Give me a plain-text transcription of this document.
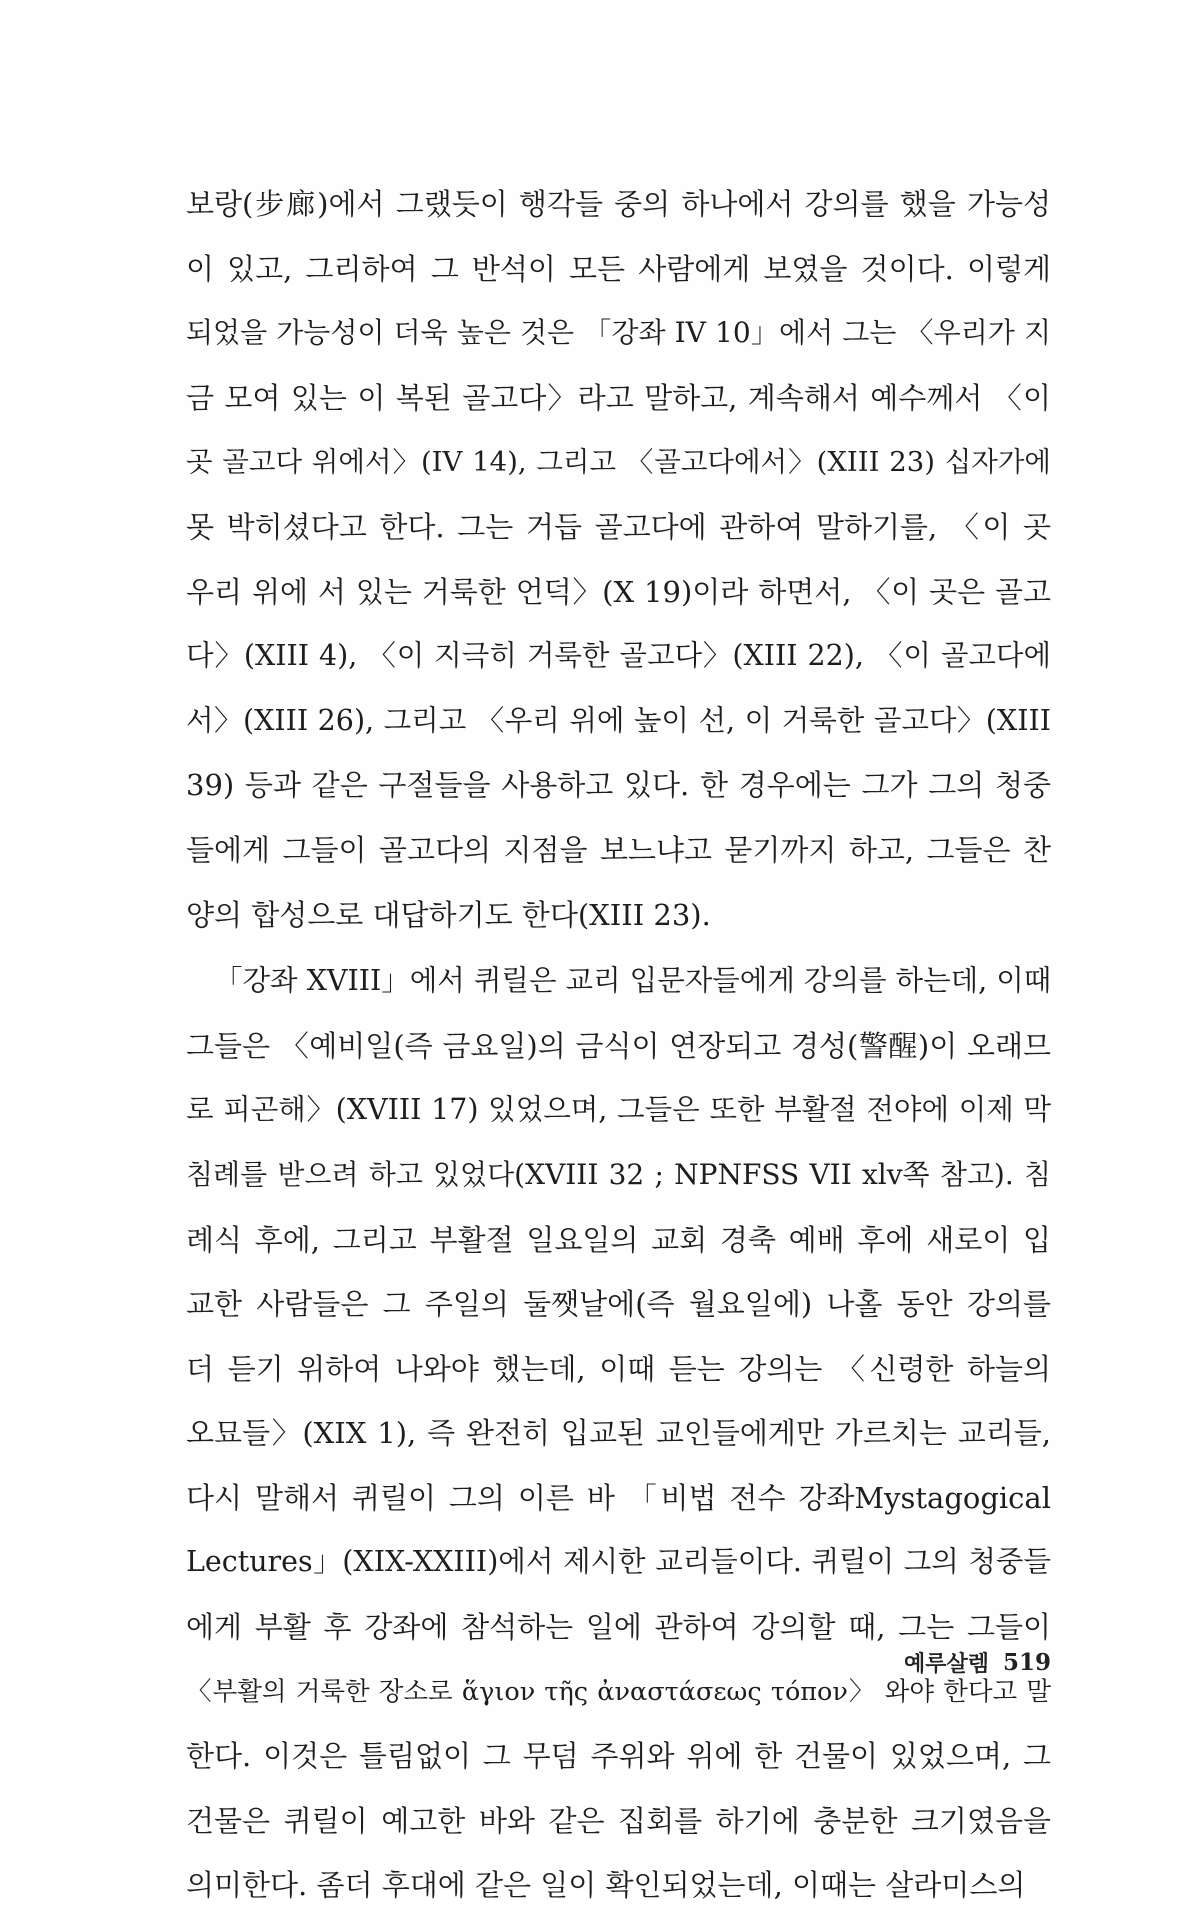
보랑(步廊)에서 그랬듯이 행각들 중의 하나에서 강의를 했을 가능성
이 있고, 그리하여 그 반석이 모든 사람에게 보였을 것이다. 이렇게
되었을 가능성이 더욱 높은 것은 「강좌 IV 10」에서 그는 〈우리가 지
금 모여 있는 이 복된 골고다〉라고 말하고, 계속해서 예수께서 〈이
곳 골고다 위에서〉(IV 14), 그리고 〈골고다에서〉(XIII 23) 십자가에
못 박히셨다고 한다. 그는 거듭 골고다에 관하여 말하기를, 〈이 곳
우리 위에 서 있는 거룩한 언덕〉(X 19)이라 하면서, 〈이 곳은 골고
다〉(XIII 4), 〈이 지극히 거룩한 골고다〉(XIII 22), 〈이 골고다에
서〉(XIII 26), 그리고 〈우리 위에 높이 선, 이 거룩한 골고다〉(XIII
39) 등과 같은 구절들을 사용하고 있다. 한 경우에는 그가 그의 청중
들에게 그들이 골고다의 지점을 보느냐고 묻기까지 하고, 그들은 찬
양의 합성으로 대답하기도 한다(XIII 23).
「강좌 XVIII」에서 퀴릴은 교리 입문자들에게 강의를 하는데, 이때
그들은 〈예비일(즉 금요일)의 금식이 연장되고 경성(警醒)이 오래므
로 피곤해〉(XVIII 17) 있었으며, 그들은 또한 부활절 전야에 이제 막
침례를 받으려 하고 있었다(XVIII 32 ; NPNFSS VII xlv쪽 참고). 침
례식 후에, 그리고 부활절 일요일의 교회 경축 예배 후에 새로이 입
교한 사람들은 그 주일의 둘쨋날에(즉 월요일에) 나홀 동안 강의를
더 듣기 위하여 나와야 했는데, 이때 듣는 강의는 〈신령한 하늘의
오묘들〉(XIX 1), 즉 완전히 입교된 교인들에게만 가르치는 교리들,
다시 말해서 퀴릴이 그의 이른 바 「비법 전수 강좌Mystagogical
Lectures」(XIX-XXIII)에서 제시한 교리들이다. 퀴릴이 그의 청중들
에게 부활 후 강좌에 참석하는 일에 관하여 강의할 때, 그는 그들이
〈부활의 거룩한 장소로 ἅγιον τῆς ἀναστάσεως τόπον〉 와야 한다고 말
한다. 이것은 틀림없이 그 무덤 주위와 위에 한 건물이 있었으며, 그
건물은 퀴릴이 예고한 바와 같은 집회를 하기에 충분한 크기였음을
의미한다. 좀더 후대에 같은 일이 확인되었는데, 이때는 살라미스의
예루살렘 519
